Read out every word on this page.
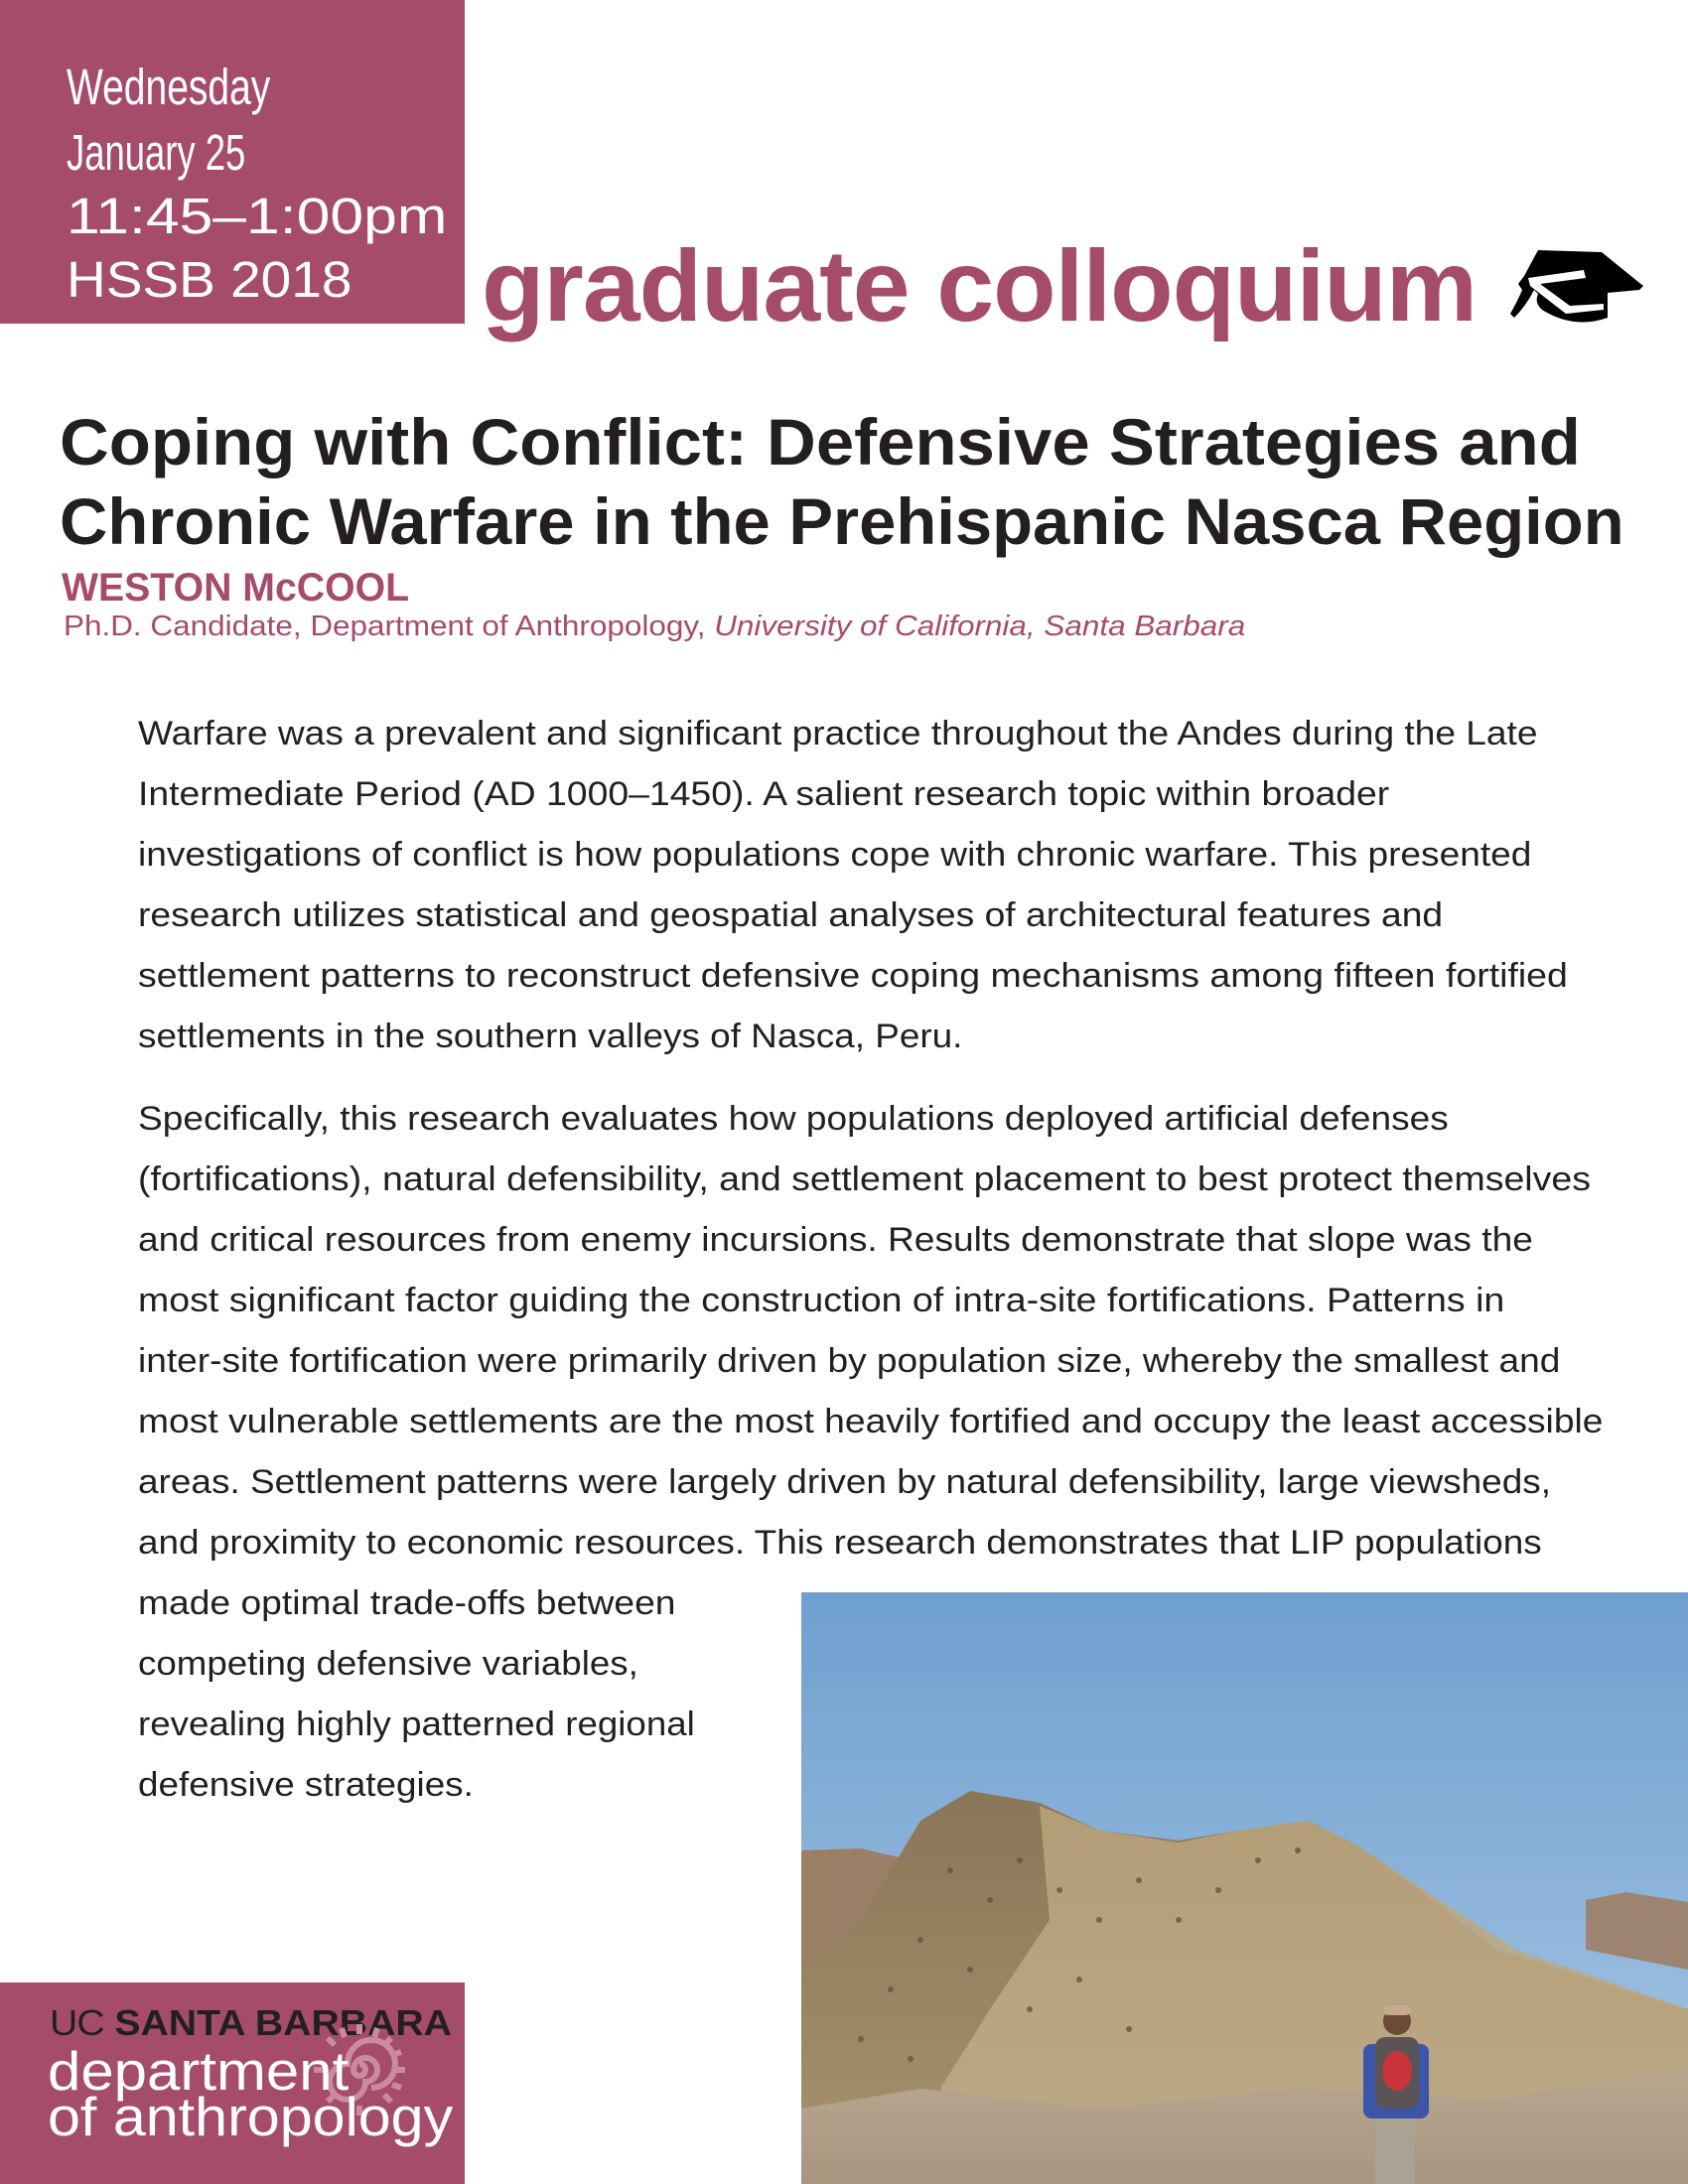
Wednesday
January 25
11:45–1:00pm
HSSB 2018 graduate colloquium
Coping with Conflict: Defensive Strategies and
Chronic Warfare in the Prehispanic Nasca Region
WESTON McCOOL
Ph.D. Candidate, Department of Anthropology, University of California, Santa Barbara
Warfare was a prevalent and significant practice throughout the Andes during the Late
Intermediate Period (AD 1000–1450). A salient research topic within broader
investigations of conflict is how populations cope with chronic warfare. This presented
research utilizes statistical and geospatial analyses of architectural features and
settlement patterns to reconstruct defensive coping mechanisms among fifteen fortified
settlements in the southern valleys of Nasca, Peru.
Specifically, this research evaluates how populations deployed artificial defenses
(fortifications), natural defensibility, and settlement placement to best protect themselves
and critical resources from enemy incursions. Results demonstrate that slope was the
most significant factor guiding the construction of intra-site fortifications. Patterns in
inter-site fortification were primarily driven by population size, whereby the smallest and
most vulnerable settlements are the most heavily fortified and occupy the least accessible
areas. Settlement patterns were largely driven by natural defensibility, large viewsheds,
and proximity to economic resources. This research demonstrates that LIP populations
made optimal trade-offs between
competing defensive variables,
revealing highly patterned regional
defensive strategies.
UC SANTA BARBARA
department
of anthropology
